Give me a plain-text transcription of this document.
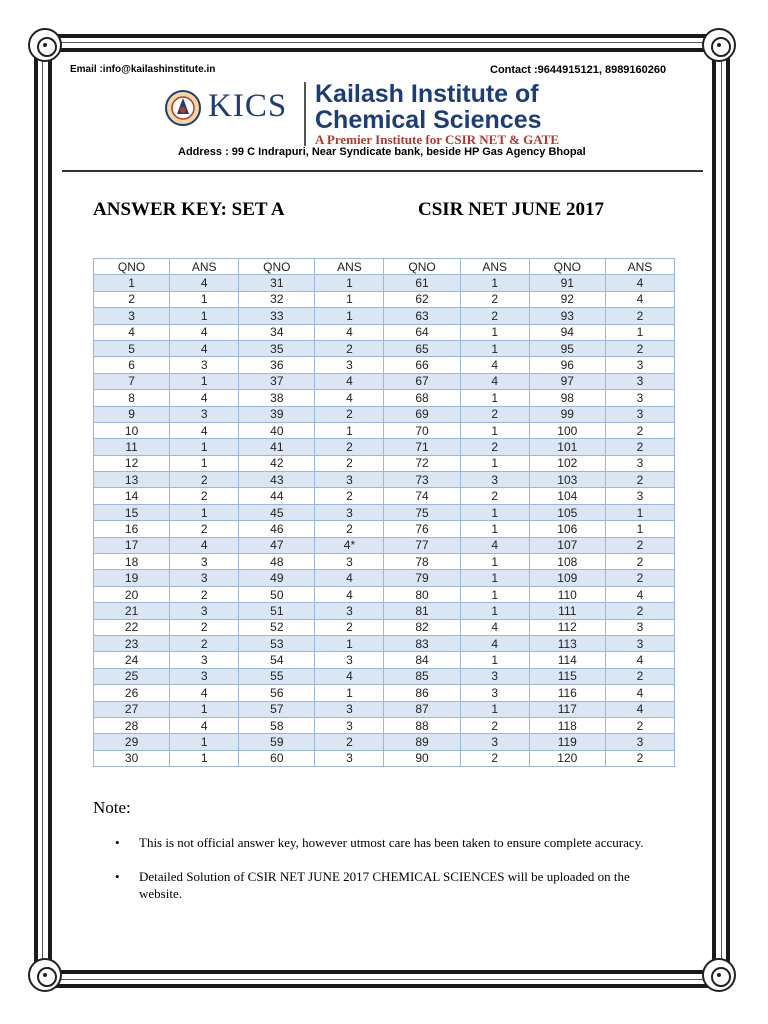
Email :info@kailashinstitute.in	Contact :9644915121, 8989160260
KICS Kailash Institute of
Chemical Sciences
A Premier Institute for CSIR NET & GATE
Address : 99 C Indrapuri, Near Syndicate bank, beside HP Gas Agency Bhopal
ANSWER KEY: SET A	CSIR NET JUNE 2017
QNO	ANS	QNO	ANS	QNO	ANS	QNO	ANS
1	4	31	1	61	1	91	4
2	1	32	1	62	2	92	4
3	1	33	1	63	2	93	2
4	4	34	4	64	1	94	1
5	4	35	2	65	1	95	2
6	3	36	3	66	4	96	3
7	1	37	4	67	4	97	3
8	4	38	4	68	1	98	3
9	3	39	2	69	2	99	3
10	4	40	1	70	1	100	2
11	1	41	2	71	2	101	2
12	1	42	2	72	1	102	3
13	2	43	3	73	3	103	2
14	2	44	2	74	2	104	3
15	1	45	3	75	1	105	1
16	2	46	2	76	1	106	1
17	4	47	4*	77	4	107	2
18	3	48	3	78	1	108	2
19	3	49	4	79	1	109	2
20	2	50	4	80	1	110	4
21	3	51	3	81	1	111	2
22	2	52	2	82	4	112	3
23	2	53	1	83	4	113	3
24	3	54	3	84	1	114	4
25	3	55	4	85	3	115	2
26	4	56	1	86	3	116	4
27	1	57	3	87	1	117	4
28	4	58	3	88	2	118	2
29	1	59	2	89	3	119	3
30	1	60	3	90	2	120	2
Note:
• This is not official answer key, however utmost care has been taken to ensure complete accuracy.
• Detailed Solution of CSIR NET JUNE 2017 CHEMICAL SCIENCES will be uploaded on the website.
